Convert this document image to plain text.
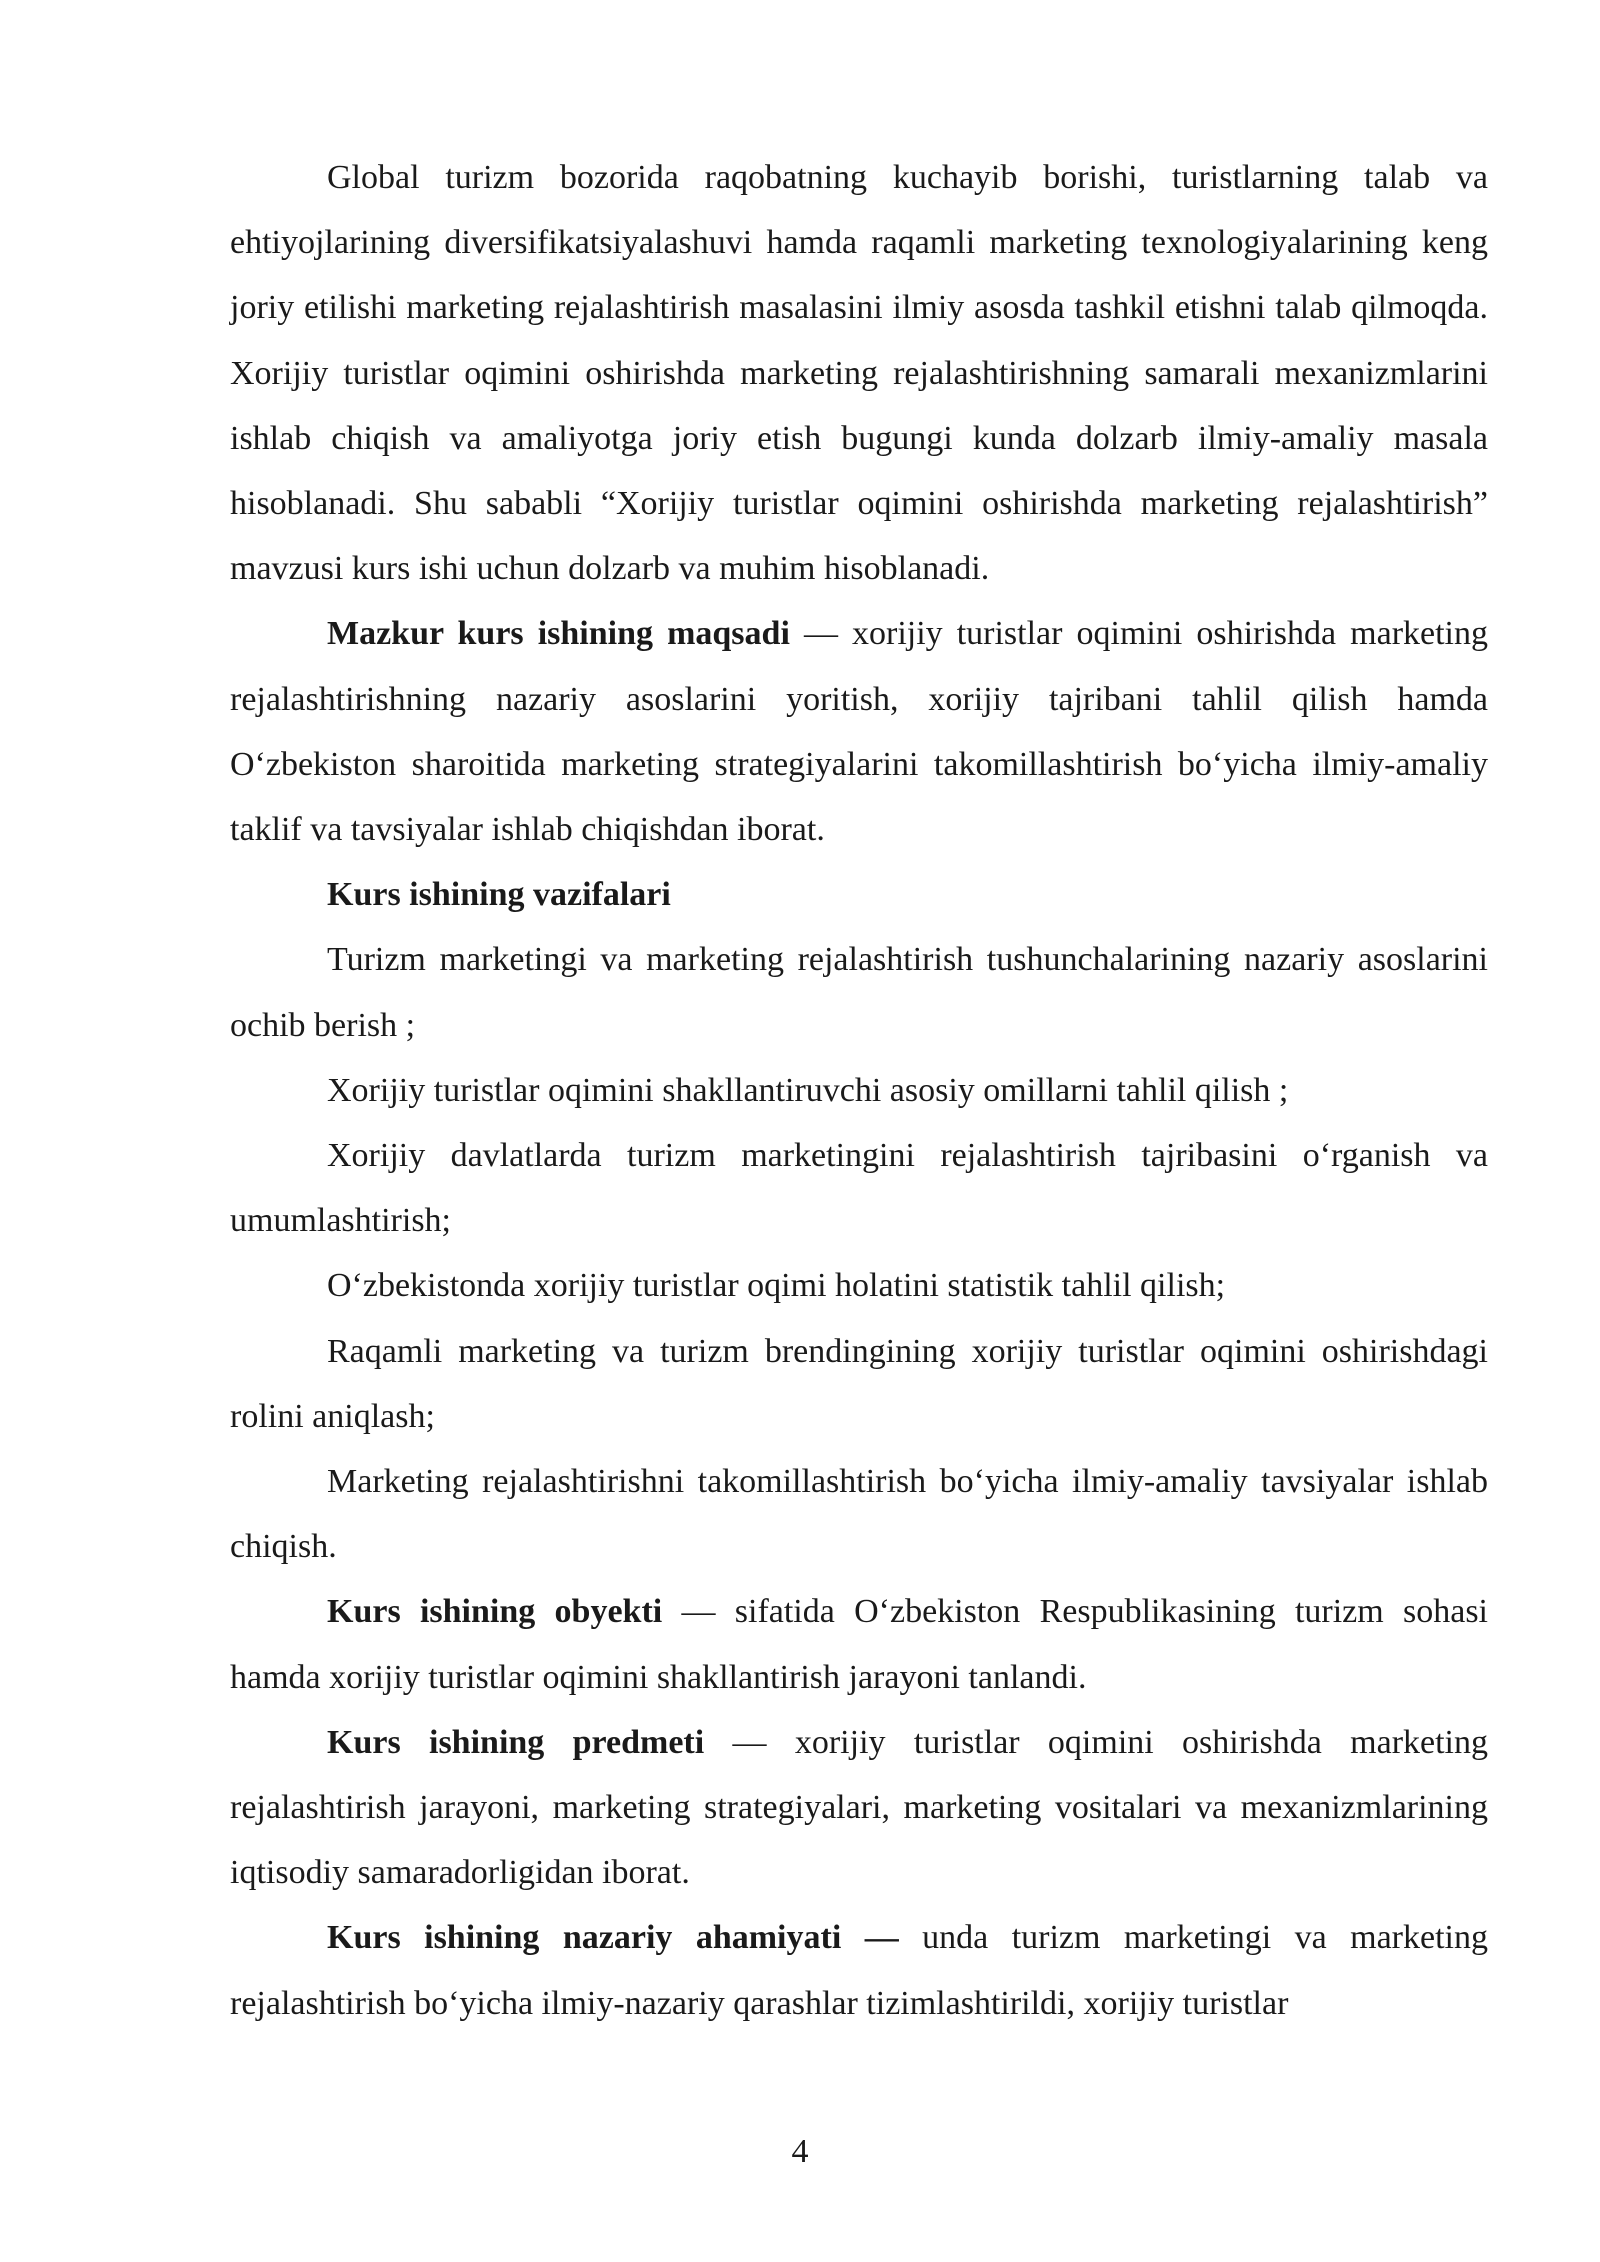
Global turizm bozorida raqobatning kuchayib borishi, turistlarning talab va ehtiyojlarining diversifikatsiyalashuvi hamda raqamli marketing texnologiyalarining keng joriy etilishi marketing rejalashtirish masalasini ilmiy asosda tashkil etishni talab qilmoqda. Xorijiy turistlar oqimini oshirishda marketing rejalashtirishning samarali mexanizmlarini ishlab chiqish va amaliyotga joriy etish bugungi kunda dolzarb ilmiy-amaliy masala hisoblanadi. Shu sababli “Xorijiy turistlar oqimini oshirishda marketing rejalashtirish” mavzusi kurs ishi uchun dolzarb va muhim hisoblanadi.

Mazkur kurs ishining maqsadi — xorijiy turistlar oqimini oshirishda marketing rejalashtirishning nazariy asoslarini yoritish, xorijiy tajribani tahlil qilish hamda O‘zbekiston sharoitida marketing strategiyalarini takomillashtirish bo‘yicha ilmiy-amaliy taklif va tavsiyalar ishlab chiqishdan iborat.

Kurs ishining vazifalari

Turizm marketingi va marketing rejalashtirish tushunchalarining nazariy asoslarini ochib berish ;

Xorijiy turistlar oqimini shakllantiruvchi asosiy omillarni tahlil qilish ;

Xorijiy davlatlarda turizm marketingini rejalashtirish tajribasini o‘rganish va umumlashtirish;

O‘zbekistonda xorijiy turistlar oqimi holatini statistik tahlil qilish;

Raqamli marketing va turizm brendingining xorijiy turistlar oqimini oshirishdagi rolini aniqlash;

Marketing rejalashtirishni takomillashtirish bo‘yicha ilmiy-amaliy tavsiyalar ishlab chiqish.

Kurs ishining obyekti — sifatida O‘zbekiston Respublikasining turizm sohasi hamda xorijiy turistlar oqimini shakllantirish jarayoni tanlandi.

Kurs ishining predmeti — xorijiy turistlar oqimini oshirishda marketing rejalashtirish jarayoni, marketing strategiyalari, marketing vositalari va mexanizmlarining iqtisodiy samaradorligidan iborat.

Kurs ishining nazariy ahamiyati — unda turizm marketingi va marketing rejalashtirish bo‘yicha ilmiy-nazariy qarashlar tizimlashtirildi, xorijiy turistlar

4
